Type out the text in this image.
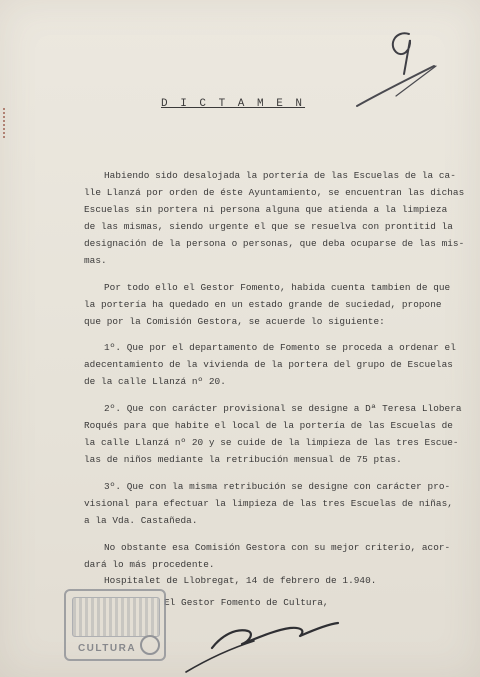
D I C T A M E N
Habiendo sido desalojada la portería de las Escuelas de la ca-
lle Llanzá por orden de éste Ayuntamiento, se encuentran las dichas
Escuelas sin portera ni persona alguna que atienda a la limpieza
de las mismas, siendo urgente el que se resuelva con prontitid la
designación de la persona o personas, que deba ocuparse de las mis-
mas.
Por todo ello el Gestor Fomento, habida cuenta tambien de que
la portería ha quedado en un estado grande de suciedad, propone
que por la Comisión Gestora, se acuerde lo siguiente:
1º. Que por el departamento de Fomento se proceda a ordenar el
adecentamiento de la vivienda de la portera del grupo de Escuelas
de la calle Llanzá nº 20.
2º. Que con carácter provisional se designe a Dª Teresa Llobera
Roqués para que habite el local de la portería de las Escuelas de
la calle Llanzá nº 20 y se cuide de la limpieza de las tres Escue-
las de niños mediante la retribución mensual de 75 ptas.
3º. Que con la misma retribución se designe con carácter pro-
visional para efectuar la limpieza de las tres Escuelas de niñas,
a la Vda. Castañeda.
No obstante esa Comisión Gestora con su mejor criterio, acor-
dará lo más procedente.
Hospitalet de Llobregat, 14 de febrero de 1.940.
El Gestor Fomento de Cultura,
CULTURA
